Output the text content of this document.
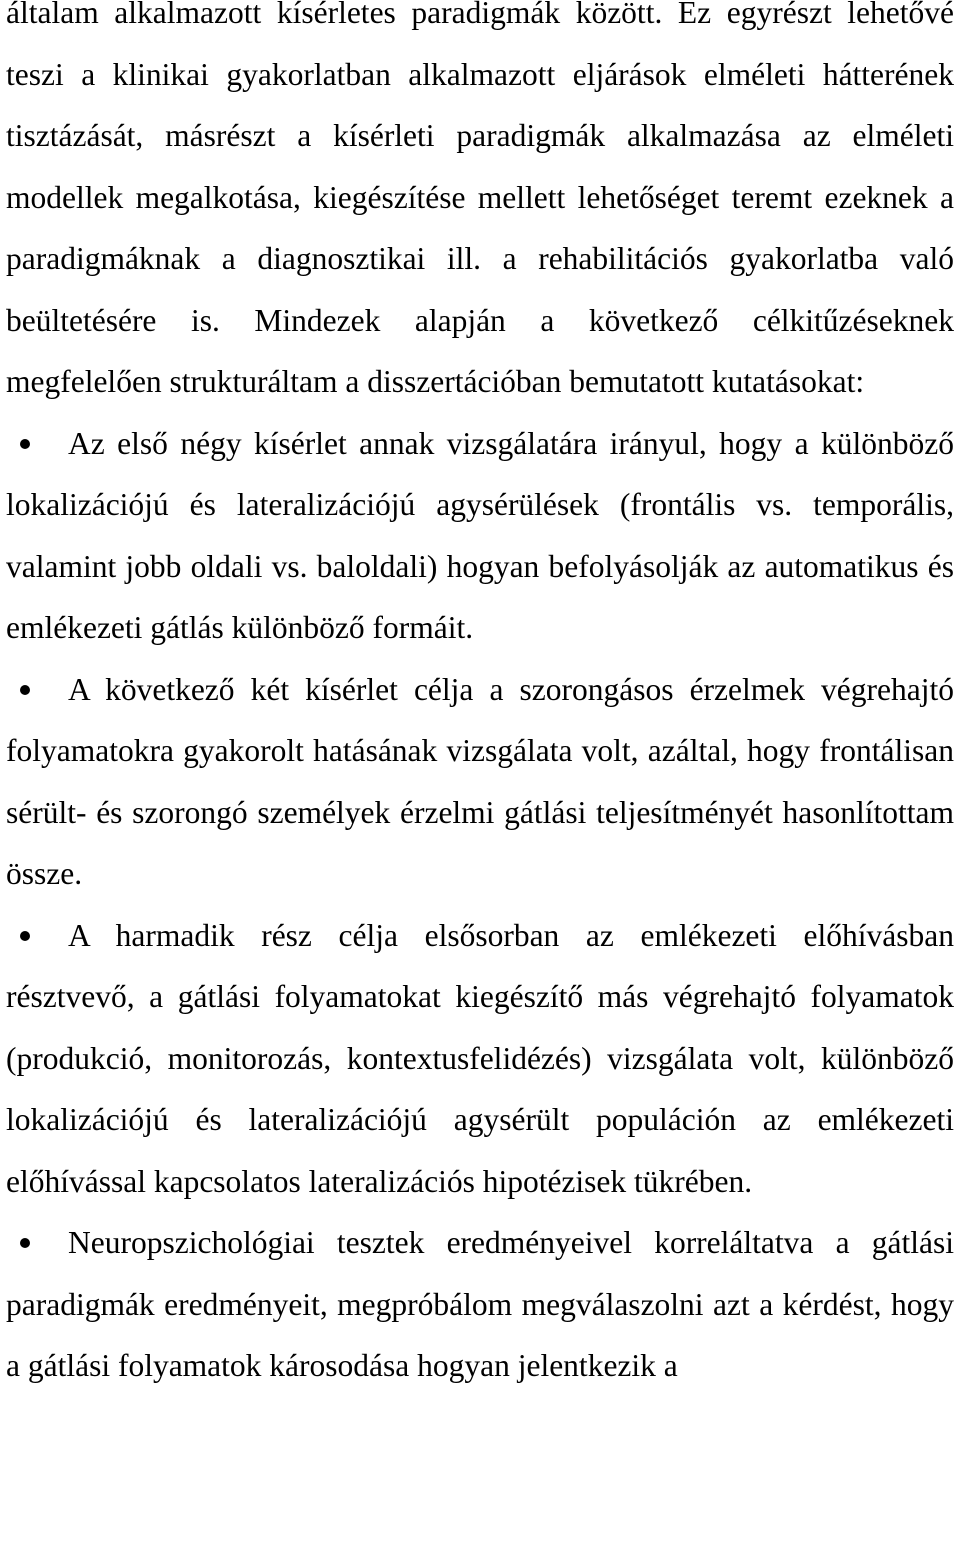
általam alkalmazott kísérletes paradigmák között. Ez egyrészt lehetővé teszi a klinikai gyakorlatban alkalmazott eljárások elméleti hátterének tisztázását, másrészt a kísérleti paradigmák alkalmazása az elméleti modellek megalkotása, kiegészítése mellett lehetőséget teremt ezeknek a paradigmáknak a diagnosztikai ill. a rehabilitációs gyakorlatba való beültetésére is. Mindezek alapján a következő célkitűzéseknek megfelelően strukturáltam a disszertációban bemutatott kutatásokat:

Az első négy kísérlet annak vizsgálatára irányul, hogy a különböző lokalizációjú és lateralizációjú agysérülések (frontális vs. temporális, valamint jobb oldali vs. baloldali) hogyan befolyásolják az automatikus és emlékezeti gátlás különböző formáit.
A következő két kísérlet célja a szorongásos érzelmek végrehajtó folyamatokra gyakorolt hatásának vizsgálata volt, azáltal, hogy frontálisan sérült- és szorongó személyek érzelmi gátlási teljesítményét hasonlítottam össze.
A harmadik rész célja elsősorban az emlékezeti előhívásban résztvevő, a gátlási folyamatokat kiegészítő más végrehajtó folyamatok (produkció, monitorozás, kontextusfelidézés) vizsgálata volt, különböző lokalizációjú és lateralizációjú agysérült populáción az emlékezeti előhívással kapcsolatos lateralizációs hipotézisek tükrében.
Neuropszichológiai tesztek eredményeivel korreláltatva a gátlási paradigmák eredményeit, megpróbálom megválaszolni azt a kérdést, hogy a gátlási folyamatok károsodása hogyan jelentkezik a
